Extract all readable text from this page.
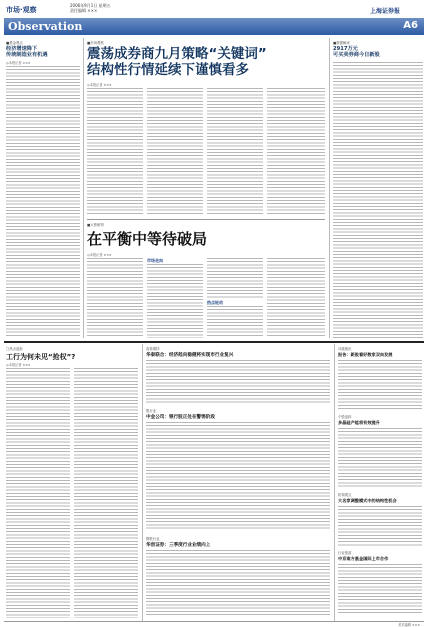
市场·观察
2006年9月1日 星期五
责任编辑 ×××	上海证券报
Observation	A6
■基金观点
经济增速降下
传统制造业有机遇
◎本报记者 ×××
■市场观察
震荡成券商九月策略“关键词”
结构性行情延续下谨慎看多
◎本报记者 ×××
■数据解读
2917万元
可买卖券商今日新股
■大势研判
在平衡中等待破局
◎本报记者 ×××
市场走向
热点轮动
□热点追踪
工行为何未见“抢权”?
◎本报记者 ×××
高管增持
华泰联合：经济趋向稳健将实现市行业复兴
银行业
中金公司：银行股正处在警惕阶段
钢铁行业
华创证券：三季度行业业绩向上
评级简讯
报告：新股看好数家双向发展
个股追踪
多晶硅产能将有效提升
机构观点
大名家调整模式中的结构性机会
行业报道
中京南方基金国际上市合作
美术编辑 ×××
